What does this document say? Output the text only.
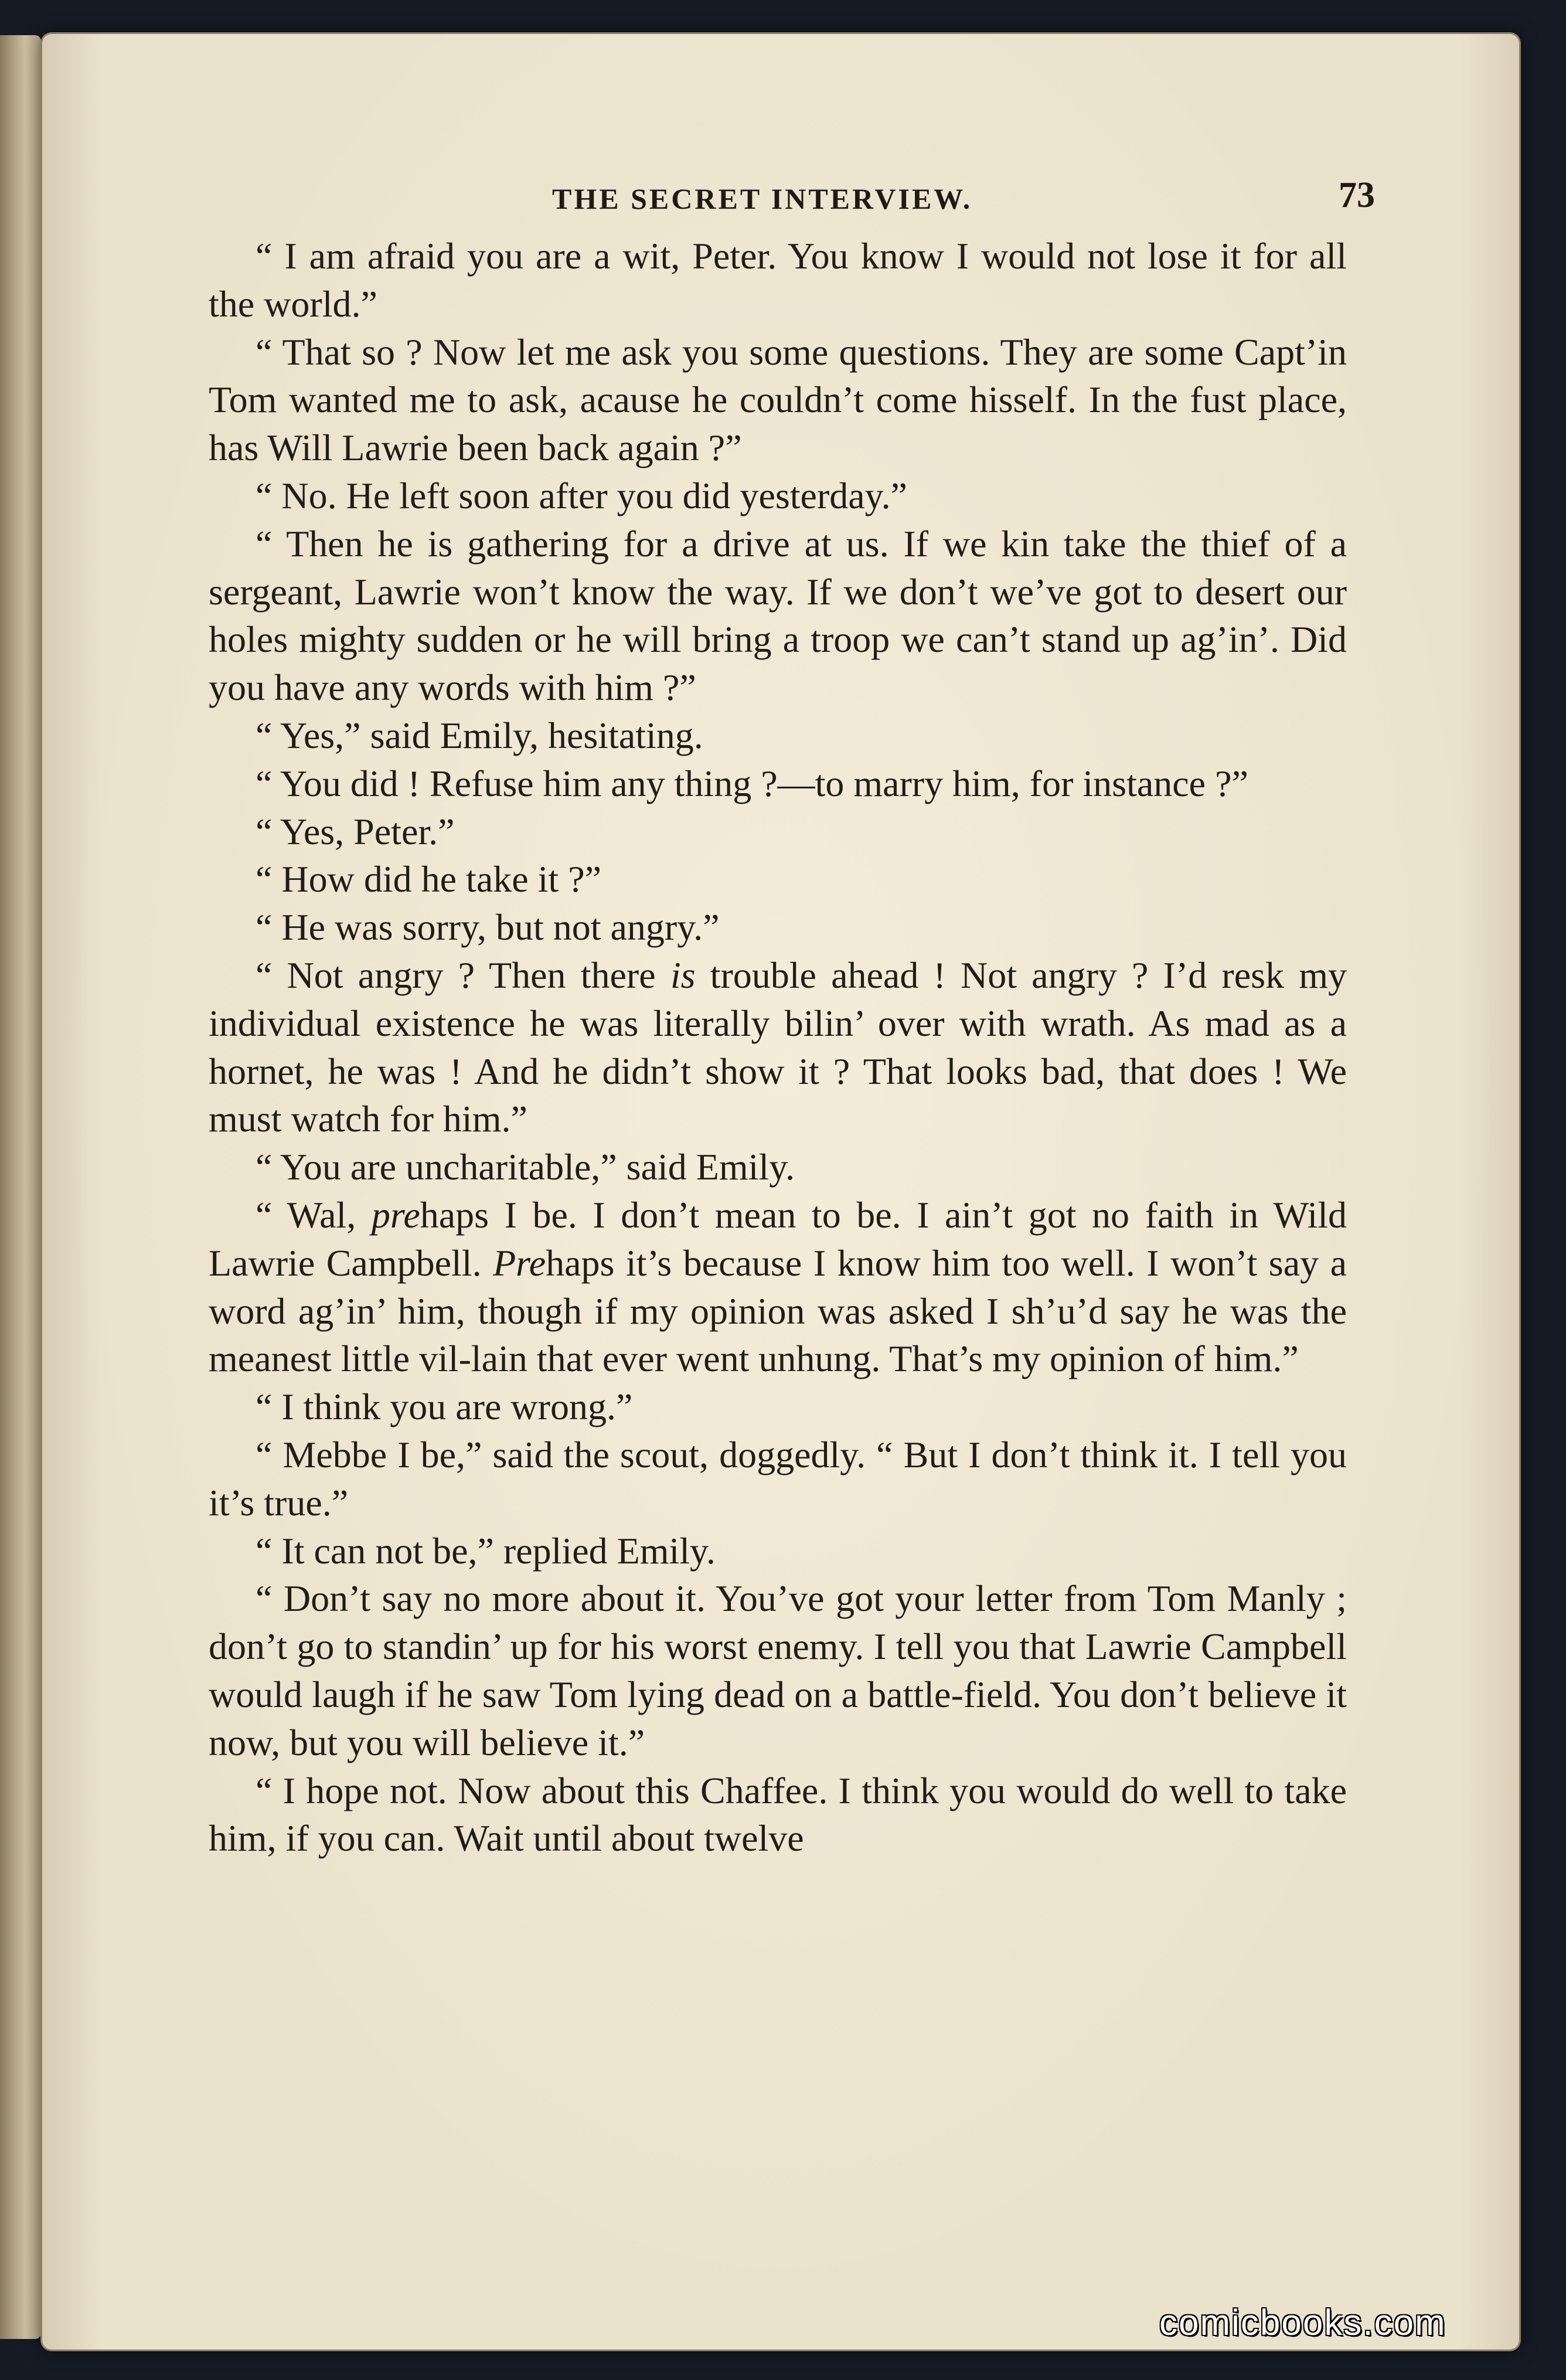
THE SECRET INTERVIEW.	73

“ I am afraid you are a wit, Peter. You know I would not lose it for all the world.”

“ That so ? Now let me ask you some questions. They are some Capt’in Tom wanted me to ask, acause he couldn’t come hisself. In the fust place, has Will Lawrie been back again ?”

“ No. He left soon after you did yesterday.”

“ Then he is gathering for a drive at us. If we kin take the thief of a sergeant, Lawrie won’t know the way. If we don’t we’ve got to desert our holes mighty sudden or he will bring a troop we can’t stand up ag’in’. Did you have any words with him ?”

“ Yes,” said Emily, hesitating.

“ You did ! Refuse him any thing ?—to marry him, for instance ?”

“ Yes, Peter.”

“ How did he take it ?”

“ He was sorry, but not angry.”

“ Not angry ? Then there is trouble ahead ! Not angry ? I’d resk my individual existence he was literally bilin’ over with wrath. As mad as a hornet, he was ! And he didn’t show it ? That looks bad, that does ! We must watch for him.”

“ You are uncharitable,” said Emily.

“ Wal, prehaps I be. I don’t mean to be. I ain’t got no faith in Wild Lawrie Campbell. Prehaps it’s because I know him too well. I won’t say a word ag’in’ him, though if my opinion was asked I sh’u’d say he was the meanest little vil-lain that ever went unhung. That’s my opinion of him.”

“ I think you are wrong.”

“ Mebbe I be,” said the scout, doggedly. “ But I don’t think it. I tell you it’s true.”

“ It can not be,” replied Emily.

“ Don’t say no more about it. You’ve got your letter from Tom Manly ; don’t go to standin’ up for his worst enemy. I tell you that Lawrie Campbell would laugh if he saw Tom lying dead on a battle-field. You don’t believe it now, but you will believe it.”

“ I hope not. Now about this Chaffee. I think you would do well to take him, if you can. Wait until about twelve

comicbooks.com
